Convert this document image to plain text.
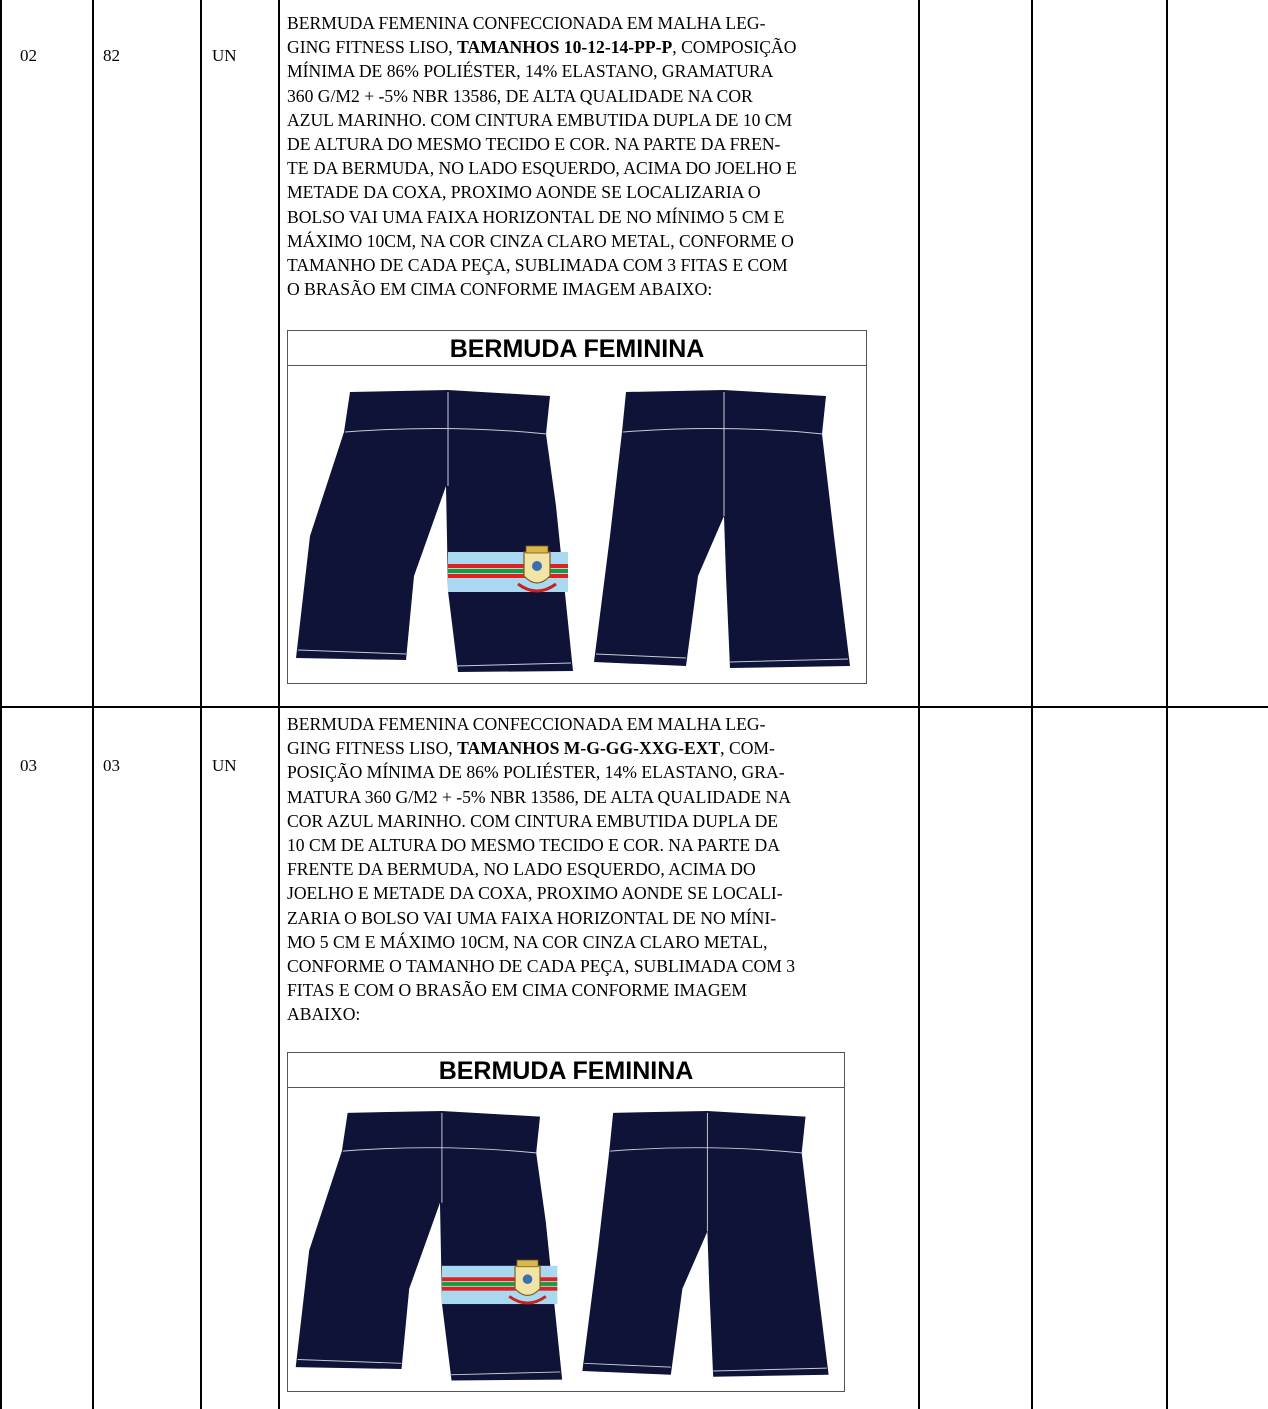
02	82	UN
BERMUDA FEMENINA CONFECCIONADA EM MALHA LEG-
GING FITNESS LISO, TAMANHOS 10-12-14-PP-P, COMPOSIÇÃO
MÍNIMA DE 86% POLIÉSTER, 14% ELASTANO, GRAMATURA
360 G/M2 + -5% NBR 13586, DE ALTA QUALIDADE NA COR
AZUL MARINHO. COM CINTURA EMBUTIDA DUPLA DE 10 CM
DE ALTURA DO MESMO TECIDO E COR. NA PARTE DA FREN-
TE DA BERMUDA, NO LADO ESQUERDO, ACIMA DO JOELHO E
METADE DA COXA, PROXIMO AONDE SE LOCALIZARIA O
BOLSO VAI UMA FAIXA HORIZONTAL DE NO MÍNIMO 5 CM E
MÁXIMO 10CM, NA COR CINZA CLARO METAL, CONFORME O
TAMANHO DE CADA PEÇA, SUBLIMADA COM 3 FITAS E COM
O BRASÃO EM CIMA CONFORME IMAGEM ABAIXO:
BERMUDA FEMININA
03	03	UN
BERMUDA FEMENINA CONFECCIONADA EM MALHA LEG-
GING FITNESS LISO, TAMANHOS M-G-GG-XXG-EXT, COM-
POSIÇÃO MÍNIMA DE 86% POLIÉSTER, 14% ELASTANO, GRA-
MATURA 360 G/M2 + -5% NBR 13586, DE ALTA QUALIDADE NA
COR AZUL MARINHO. COM CINTURA EMBUTIDA DUPLA DE
10 CM DE ALTURA DO MESMO TECIDO E COR. NA PARTE DA
FRENTE DA BERMUDA, NO LADO ESQUERDO, ACIMA DO
JOELHO E METADE DA COXA, PROXIMO AONDE SE LOCALI-
ZARIA O BOLSO VAI UMA FAIXA HORIZONTAL DE NO MÍNI-
MO 5 CM E MÁXIMO 10CM, NA COR CINZA CLARO METAL,
CONFORME O TAMANHO DE CADA PEÇA, SUBLIMADA COM 3
FITAS E COM O BRASÃO EM CIMA CONFORME IMAGEM
ABAIXO:
BERMUDA FEMININA
